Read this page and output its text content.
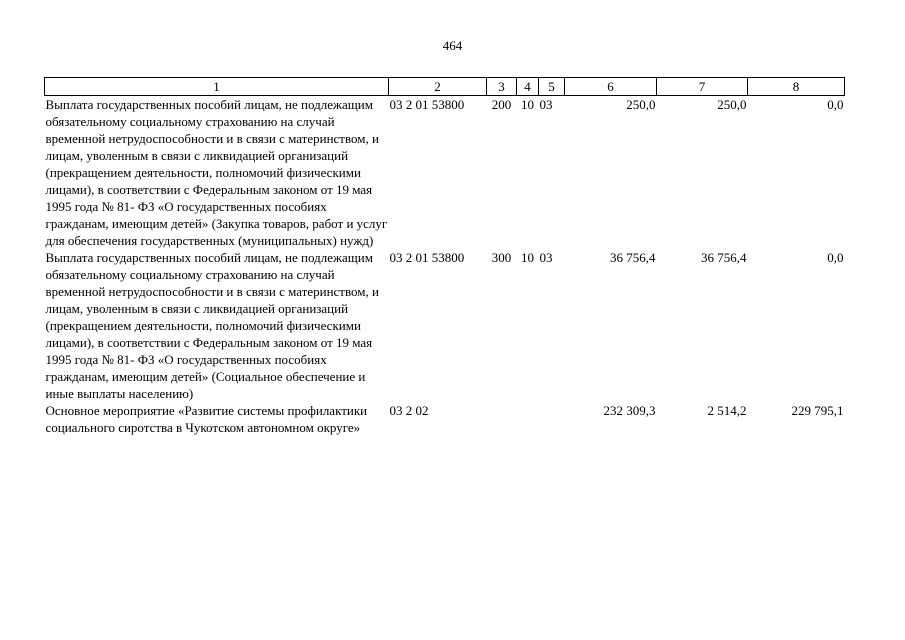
464
1	2	3	4	5	6	7	8
Выплата государственных пособий лицам, не подлежащим обязательному социальному страхованию на случай временной нетрудоспособности и в связи с материнством, и лицам, уволенным в связи с ликвидацией организаций (прекращением деятельности, полномочий физическими лицами), в соответствии с Федеральным законом от 19 мая 1995 года № 81- ФЗ «О государственных пособиях гражданам, имеющим детей» (Закупка товаров, работ и услуг для обеспечения государственных (муниципальных) нужд)	03 2 01 53800	200	10	03	250,0	250,0	0,0
Выплата государственных пособий лицам, не подлежащим обязательному социальному страхованию на случай временной нетрудоспособности и в связи с материнством, и лицам, уволенным в связи с ликвидацией организаций (прекращением деятельности, полномочий физическими лицами), в соответствии с Федеральным законом от 19 мая 1995 года № 81- ФЗ «О государственных пособиях гражданам, имеющим детей» (Социальное обеспечение и иные выплаты населению)	03 2 01 53800	300	10	03	36 756,4	36 756,4	0,0
Основное мероприятие «Развитие системы профилактики социального сиротства в Чукотском автономном округе»	03 2 02				232 309,3	2 514,2	229 795,1
